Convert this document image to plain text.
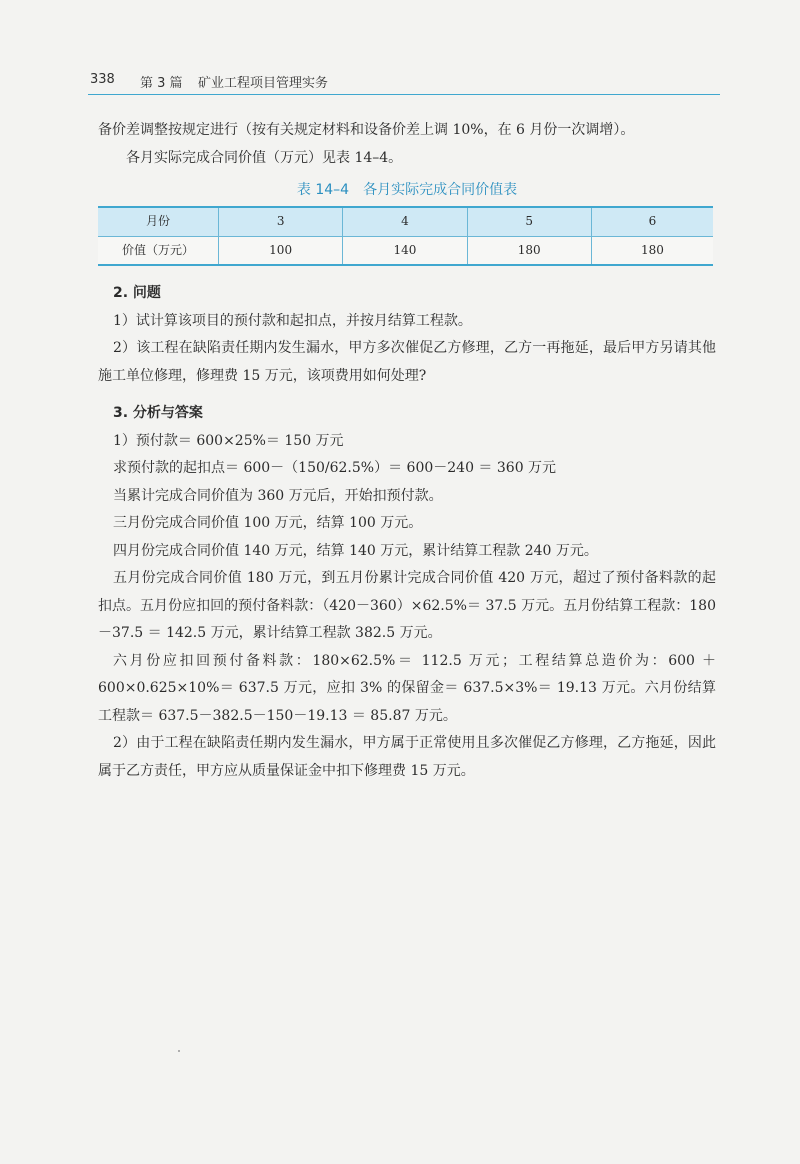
338 第 3 篇 矿业工程项目管理实务

备价差调整按规定进行（按有关规定材料和设备价差上调 10%，在 6 月份一次调增）。

各月实际完成合同价值（万元）见表 14–4。

表 14–4　各月实际完成合同价值表
月份	3	4	5	6
价值（万元）	100	140	180	180
2. 问题

1）试计算该项目的预付款和起扣点，并按月结算工程款。

2）该工程在缺陷责任期内发生漏水，甲方多次催促乙方修理，乙方一再拖延，最后甲方另请其他施工单位修理，修理费 15 万元，该项费用如何处理?

3. 分析与答案

1）预付款＝ 600×25%＝ 150 万元

求预付款的起扣点＝ 600－（150/62.5%）＝ 600－240 ＝ 360 万元

当累计完成合同价值为 360 万元后，开始扣预付款。

三月份完成合同价值 100 万元，结算 100 万元。

四月份完成合同价值 140 万元，结算 140 万元，累计结算工程款 240 万元。

五月份完成合同价值 180 万元，到五月份累计完成合同价值 420 万元，超过了预付备料款的起扣点。五月份应扣回的预付备料款：（420－360）×62.5%＝ 37.5 万元。五月份结算工程款：180－37.5 ＝ 142.5 万元，累计结算工程款 382.5 万元。

六月份应扣回预付备料款：180×62.5%＝ 112.5 万元；工程结算总造价为：600 ＋ 600×0.625×10%＝ 637.5 万元，应扣 3% 的保留金＝ 637.5×3%＝ 19.13 万元。六月份结算工程款＝ 637.5－382.5－150－19.13 ＝ 85.87 万元。

2）由于工程在缺陷责任期内发生漏水，甲方属于正常使用且多次催促乙方修理，乙方拖延，因此属于乙方责任，甲方应从质量保证金中扣下修理费 15 万元。
